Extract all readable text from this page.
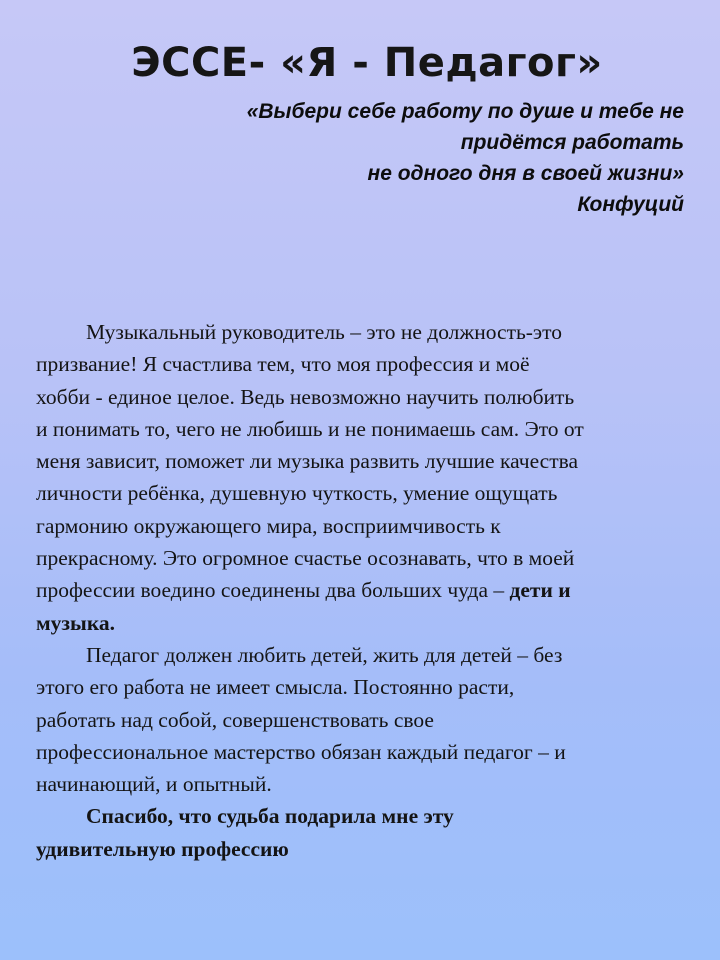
ЭССЕ- «Я - Педагог»
«Выбери себе работу по душе и тебе не
придётся работать
не одного дня в своей жизни»
Конфуций
Музыкальный руководитель – это не должность-это
призвание! Я счастлива тем, что моя профессия и моё
хобби - единое целое. Ведь невозможно научить полюбить
и понимать то, чего не любишь и не понимаешь сам. Это от
меня зависит, поможет ли музыка развить лучшие качества
личности ребёнка, душевную чуткость, умение ощущать
гармонию окружающего мира, восприимчивость к
прекрасному. Это огромное счастье осознавать, что в моей
профессии воедино соединены два больших чуда – дети и
музыка.
Педагог должен любить детей, жить для детей – без
этого его работа не имеет смысла. Постоянно расти,
работать над собой, совершенствовать свое
профессиональное мастерство обязан каждый педагог – и
начинающий, и опытный.
Спасибо, что судьба подарила мне эту
удивительную профессию
